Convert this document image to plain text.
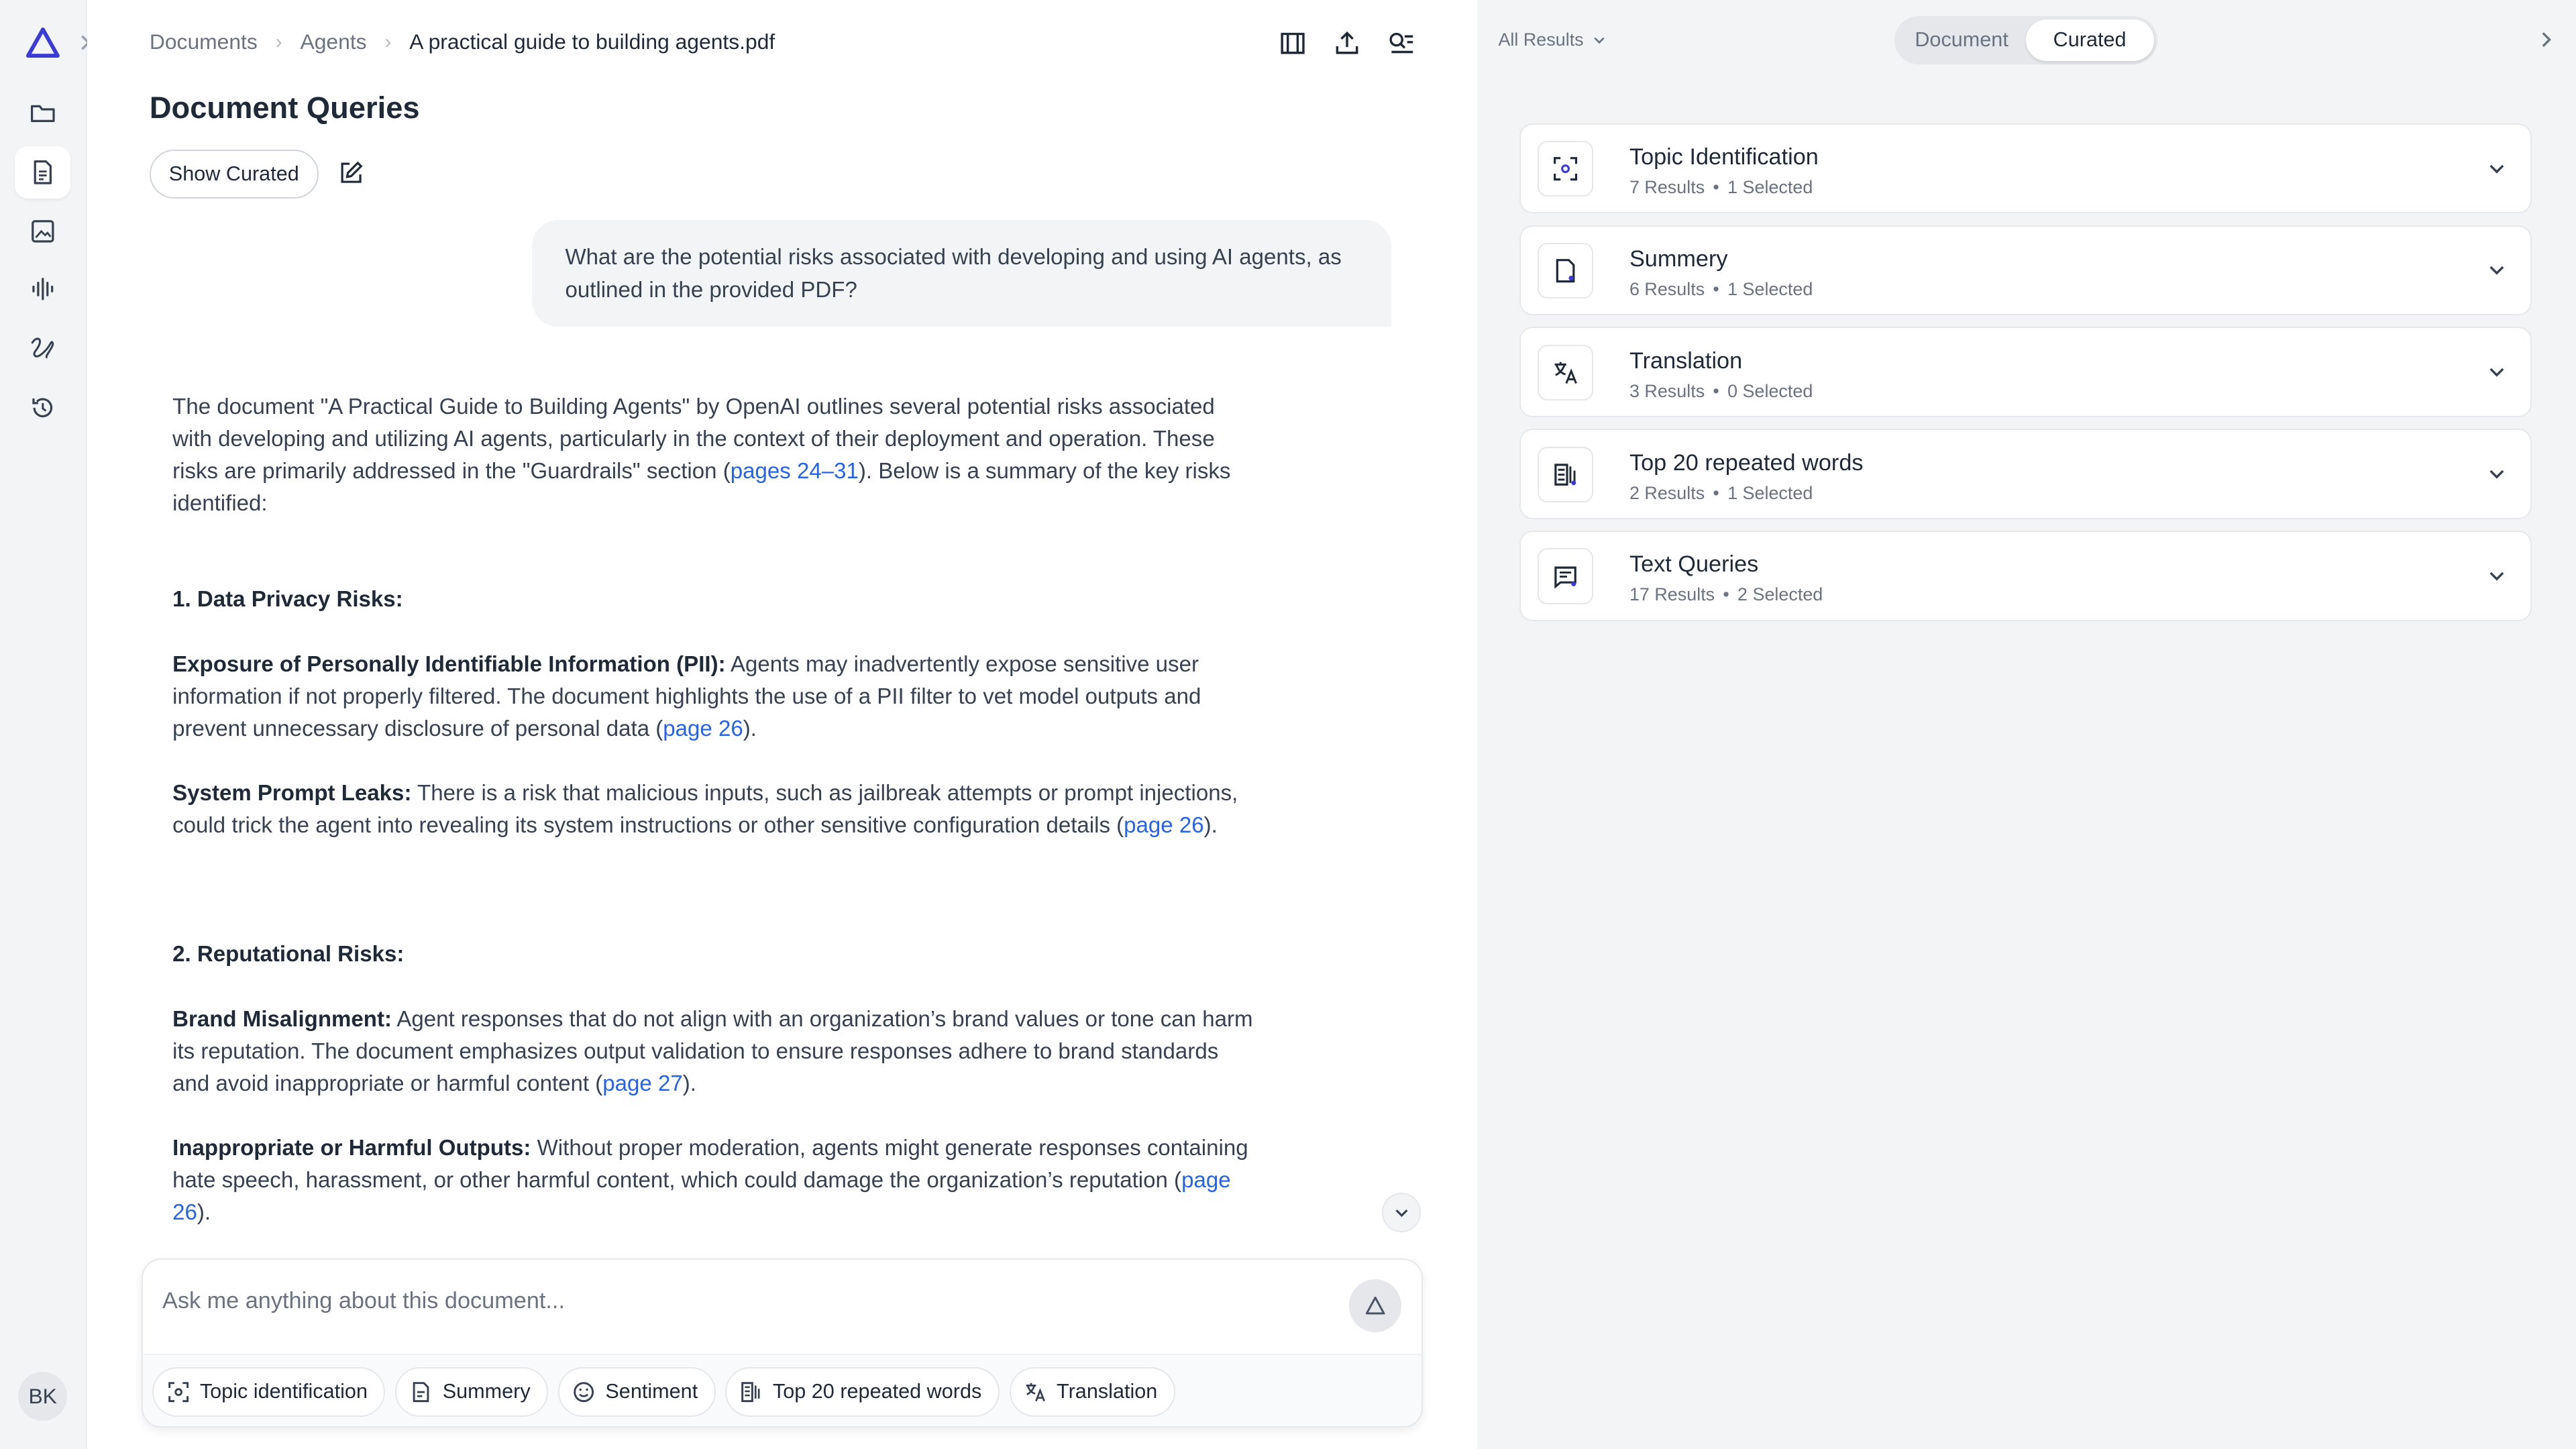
BK
Documents › Agents › A practical guide to building agents.pdf
Document Queries
Show Curated
What are the potential risks associated with developing and using AI agents, as outlined in the provided PDF?

The document "A Practical Guide to Building Agents" by OpenAI outlines several potential risks associated with developing and utilizing AI agents, particularly in the context of their deployment and operation. These risks are primarily addressed in the "Guardrails" section (pages 24–31). Below is a summary of the key risks identified:

1. Data Privacy Risks:

Exposure of Personally Identifiable Information (PII): Agents may inadvertently expose sensitive user information if not properly filtered. The document highlights the use of a PII filter to vet model outputs and prevent unnecessary disclosure of personal data (page 26).

System Prompt Leaks: There is a risk that malicious inputs, such as jailbreak attempts or prompt injections, could trick the agent into revealing its system instructions or other sensitive configuration details (page 26).

2. Reputational Risks:

Brand Misalignment: Agent responses that do not align with an organization’s brand values or tone can harm its reputation. The document emphasizes output validation to ensure responses adhere to brand standards and avoid inappropriate or harmful content (page 27).

Inappropriate or Harmful Outputs: Without proper moderation, agents might generate responses containing hate speech, harassment, or other harmful content, which could damage the organization’s reputation (page 26).

Ask me anything about this document...
Topic identification	Summery	Sentiment	Top 20 repeated words	Translation
All Results	Document	Curated
Topic Identification
7 Results • 1 Selected
Summery
6 Results • 1 Selected
Translation
3 Results • 0 Selected
Top 20 repeated words
2 Results • 1 Selected
Text Queries
17 Results • 2 Selected
